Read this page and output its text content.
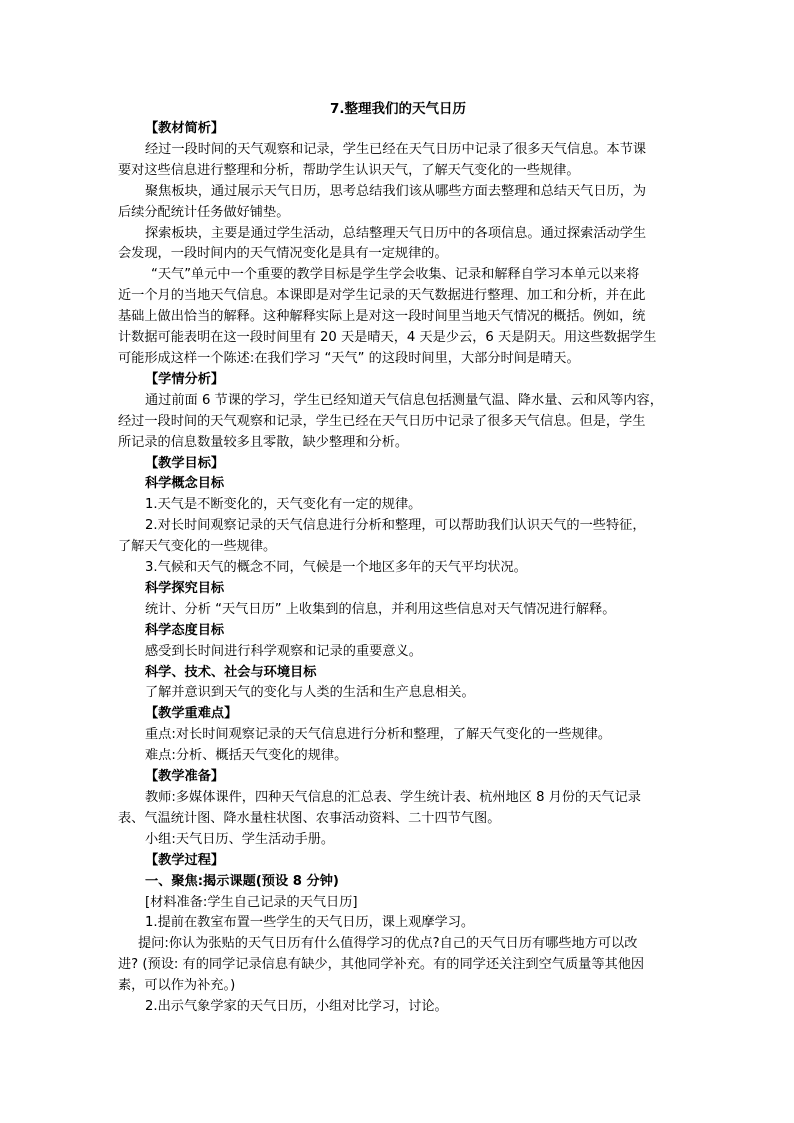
7.整理我们的天气日历
【教材简析】
经过一段时间的天气观察和记录，学生已经在天气日历中记录了很多天气信息。本节课
要对这些信息进行整理和分析，帮助学生认识天气，了解天气变化的一些规律。
聚焦板块，通过展示天气日历，思考总结我们该从哪些方面去整理和总结天气日历，为
后续分配统计任务做好铺垫。
探索板块，主要是通过学生活动，总结整理天气日历中的各项信息。通过探索活动学生
会发现，一段时间内的天气情况变化是具有一定规律的。
“天气”单元中一个重要的教学目标是学生学会收集、记录和解释自学习本单元以来将
近一个月的当地天气信息。本课即是对学生记录的天气数据进行整理、加工和分析，并在此
基础上做出恰当的解释。这种解释实际上是对这一段时间里当地天气情况的概括。例如，统
计数据可能表明在这一段时间里有 20 天是晴天，4 天是少云，6 天是阴天。用这些数据学生
可能形成这样一个陈述:在我们学习 “天气” 的这段时间里，大部分时间是晴天。
【学情分析】
通过前面 6 节课的学习，学生已经知道天气信息包括测量气温、降水量、云和风等内容，
经过一段时间的天气观察和记录，学生已经在天气日历中记录了很多天气信息。但是，学生
所记录的信息数量较多且零散，缺少整理和分析。
【教学目标】
科学概念目标
1.天气是不断变化的，天气变化有一定的规律。
2.对长时间观察记录的天气信息进行分析和整理，可以帮助我们认识天气的一些特征，
了解天气变化的一些规律。
3.气候和天气的概念不同，气候是一个地区多年的天气平均状况。
科学探究目标
统计、分析 “天气日历” 上收集到的信息，并利用这些信息对天气情况进行解释。
科学态度目标
感受到长时间进行科学观察和记录的重要意义。
科学、技术、社会与环境目标
了解并意识到天气的变化与人类的生活和生产息息相关。
【教学重难点】
重点:对长时间观察记录的天气信息进行分析和整理，了解天气变化的一些规律。
难点:分析、概括天气变化的规律。
【教学准备】
教师:多媒体课件，四种天气信息的汇总表、学生统计表、杭州地区 8 月份的天气记录
表、气温统计图、降水量柱状图、农事活动资料、二十四节气图。
小组:天气日历、学生活动手册。
【教学过程】
一、聚焦:揭示课题(预设 8 分钟)
[材料准备:学生自己记录的天气日历]
1.提前在教室布置一些学生的天气日历，课上观摩学习。
提问:你认为张贴的天气日历有什么值得学习的优点?自己的天气日历有哪些地方可以改
进? (预设: 有的同学记录信息有缺少，其他同学补充。有的同学还关注到空气质量等其他因
素，可以作为补充。)
2.出示气象学家的天气日历，小组对比学习，讨论。
